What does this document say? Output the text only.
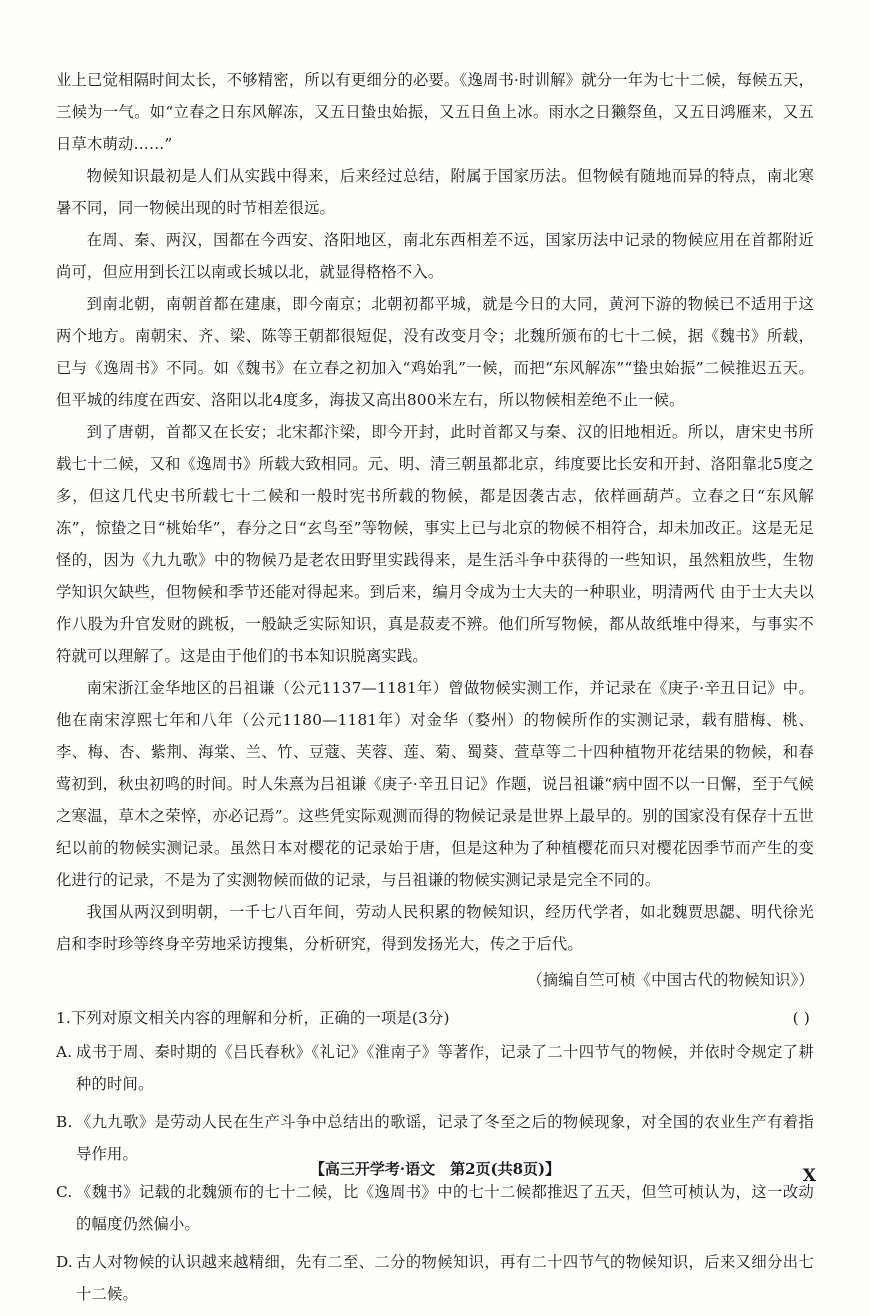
业上已觉相隔时间太长，不够精密，所以有更细分的必要。《逸周书·时训解》就分一年为七十二候，每候五天，三候为一气。如“立春之日东风解冻，又五日蛰虫始振，又五日鱼上冰。雨水之日獭祭鱼，又五日鸿雁来，又五日草木萌动……”

物候知识最初是人们从实践中得来，后来经过总结，附属于国家历法。但物候有随地而异的特点，南北寒暑不同，同一物候出现的时节相差很远。

在周、秦、两汉，国都在今西安、洛阳地区，南北东西相差不远，国家历法中记录的物候应用在首都附近尚可，但应用到长江以南或长城以北，就显得格格不入。

到南北朝，南朝首都在建康，即今南京；北朝初都平城，就是今日的大同，黄河下游的物候已不适用于这两个地方。南朝宋、齐、梁、陈等王朝都很短促，没有改变月令；北魏所颁布的七十二候，据《魏书》所载，已与《逸周书》不同。如《魏书》在立春之初加入“鸡始乳”一候，而把“东风解冻”“蛰虫始振”二候推迟五天。但平城的纬度在西安、洛阳以北4度多，海拔又高出800米左右，所以物候相差绝不止一候。

到了唐朝，首都又在长安；北宋都汴梁，即今开封，此时首都又与秦、汉的旧地相近。所以，唐宋史书所载七十二候，又和《逸周书》所载大致相同。元、明、清三朝虽都北京，纬度要比长安和开封、洛阳靠北5度之多，但这几代史书所载七十二候和一般时宪书所载的物候，都是因袭古志，依样画葫芦。立春之日“东风解冻”，惊蛰之日“桃始华”，春分之日“玄鸟至”等物候，事实上已与北京的物候不相符合，却未加改正。这是无足怪的，因为《九九歌》中的物候乃是老农田野里实践得来，是生活斗争中获得的一些知识，虽然粗放些，生物学知识欠缺些，但物候和季节还能对得起来。到后来，编月令成为士大夫的一种职业，明清两代 由于士大夫以作八股为升官发财的跳板，一般缺乏实际知识，真是菽麦不辨。他们所写物候，都从故纸堆中得来，与事实不符就可以理解了。这是由于他们的书本知识脱离实践。

南宋浙江金华地区的吕祖谦（公元1137—1181年）曾做物候实测工作，并记录在《庚子·辛丑日记》中。他在南宋淳熙七年和八年（公元1180—1181年）对金华（婺州）的物候所作的实测记录，载有腊梅、桃、李、梅、杏、紫荆、海棠、兰、竹、豆蔻、芙蓉、莲、菊、蜀葵、萱草等二十四种植物开花结果的物候，和春莺初到，秋虫初鸣的时间。时人朱熹为吕祖谦《庚子·辛丑日记》作题，说吕祖谦“病中固不以一日懈，至于气候之寒温，草木之荣悴，亦必记焉”。这些凭实际观测而得的物候记录是世界上最早的。别的国家没有保存十五世纪以前的物候实测记录。虽然日本对樱花的记录始于唐，但是这种为了种植樱花而只对樱花因季节而产生的变化进行的记录，不是为了实测物候而做的记录，与吕祖谦的物候实测记录是完全不同的。

我国从两汉到明朝，一千七八百年间，劳动人民积累的物候知识，经历代学者，如北魏贾思勰、明代徐光启和李时珍等终身辛劳地采访搜集，分析研究，得到发扬光大，传之于后代。

（摘编自竺可桢《中国古代的物候知识》）
1.下列对原文相关内容的理解和分析，正确的一项是(3分)	( )
A. 成书于周、秦时期的《吕氏春秋》《礼记》《淮南子》等著作，记录了二十四节气的物候，并依时令规定了耕种的时间。
B. 《九九歌》是劳动人民在生产斗争中总结出的歌谣，记录了冬至之后的物候现象，对全国的农业生产有着指导作用。
C. 《魏书》记载的北魏颁布的七十二候，比《逸周书》中的七十二候都推迟了五天，但竺可桢认为，这一改动的幅度仍然偏小。
D. 古人对物候的认识越来越精细，先有二至、二分的物候知识，再有二十四节气的物候知识，后来又细分出七十二候。
【高三开学考·语文　第2页(共8页)】	X
